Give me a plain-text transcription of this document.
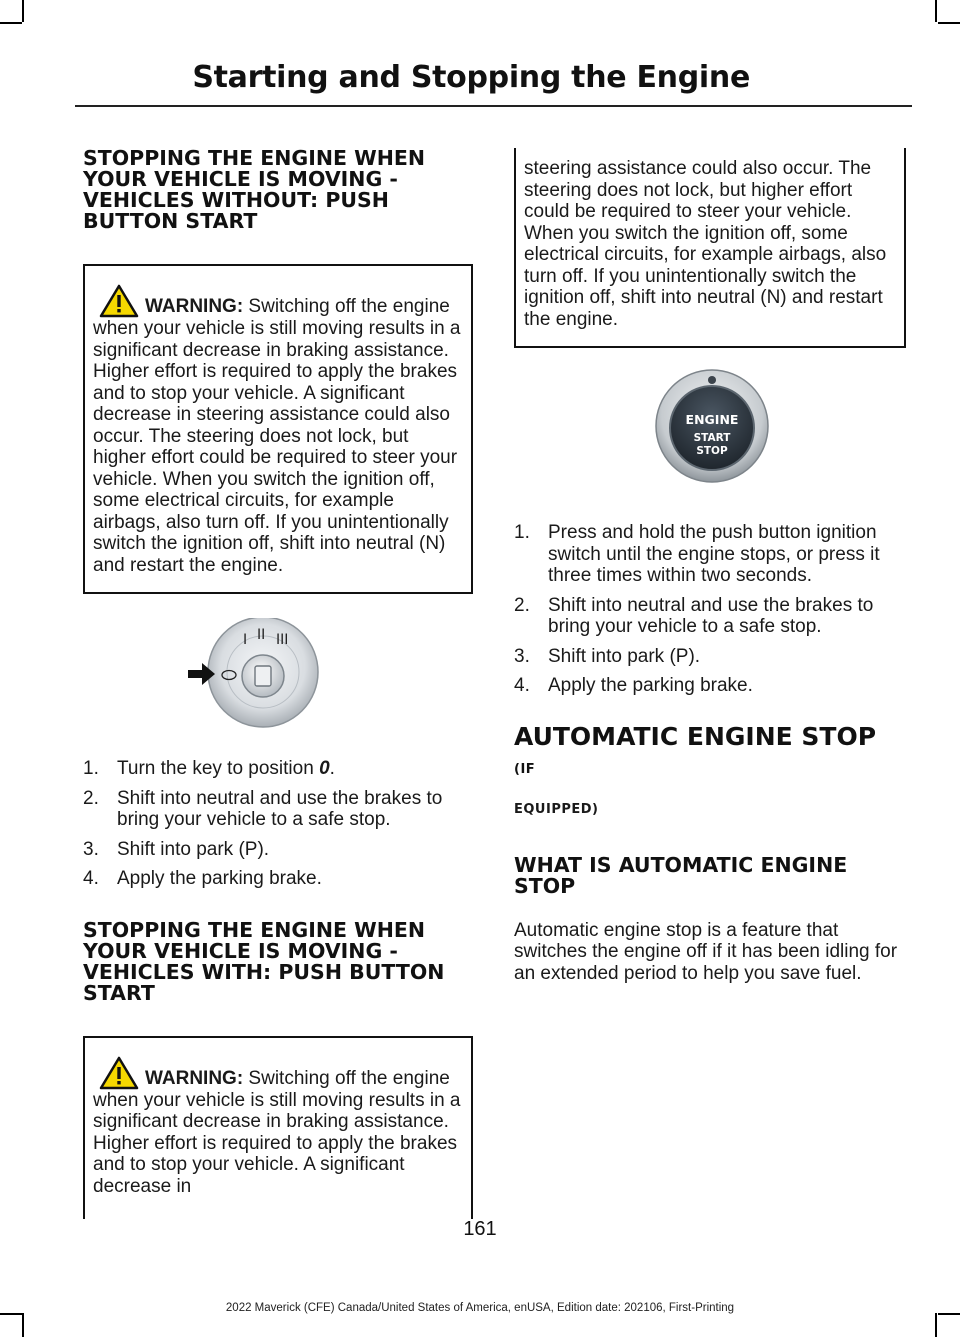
Starting and Stopping the Engine
STOPPING THE ENGINE WHEN YOUR VEHICLE IS MOVING - VEHICLES WITHOUT: PUSH BUTTON START
WARNING: Switching off the engine when your vehicle is still moving results in a significant decrease in braking assistance. Higher effort is required to apply the brakes and to stop your vehicle. A significant decrease in steering assistance could also occur. The steering does not lock, but higher effort could be required to steer your vehicle. When you switch the ignition off, some electrical circuits, for example airbags, also turn off. If you unintentionally switch the ignition off, shift into neutral (N) and restart the engine.
I II III
1. Turn the key to position 0.
2. Shift into neutral and use the brakes to bring your vehicle to a safe stop.
3. Shift into park (P).
4. Apply the parking brake.
STOPPING THE ENGINE WHEN YOUR VEHICLE IS MOVING - VEHICLES WITH: PUSH BUTTON START
WARNING: Switching off the engine when your vehicle is still moving results in a significant decrease in braking assistance. Higher effort is required to apply the brakes and to stop your vehicle. A significant decrease in
steering assistance could also occur. The steering does not lock, but higher effort could be required to steer your vehicle. When you switch the ignition off, some electrical circuits, for example airbags, also turn off. If you unintentionally switch the ignition off, shift into neutral (N) and restart the engine.
ENGINE
START
STOP
1. Press and hold the push button ignition switch until the engine stops, or press it three times within two seconds.
2. Shift into neutral and use the brakes to bring your vehicle to a safe stop.
3. Shift into park (P).
4. Apply the parking brake.
AUTOMATIC ENGINE STOP (IF
EQUIPPED)
WHAT IS AUTOMATIC ENGINE STOP
Automatic engine stop is a feature that switches the engine off if it has been idling for an extended period to help you save fuel.
161
2022 Maverick (CFE) Canada/United States of America, enUSA, Edition date: 202106, First-Printing
